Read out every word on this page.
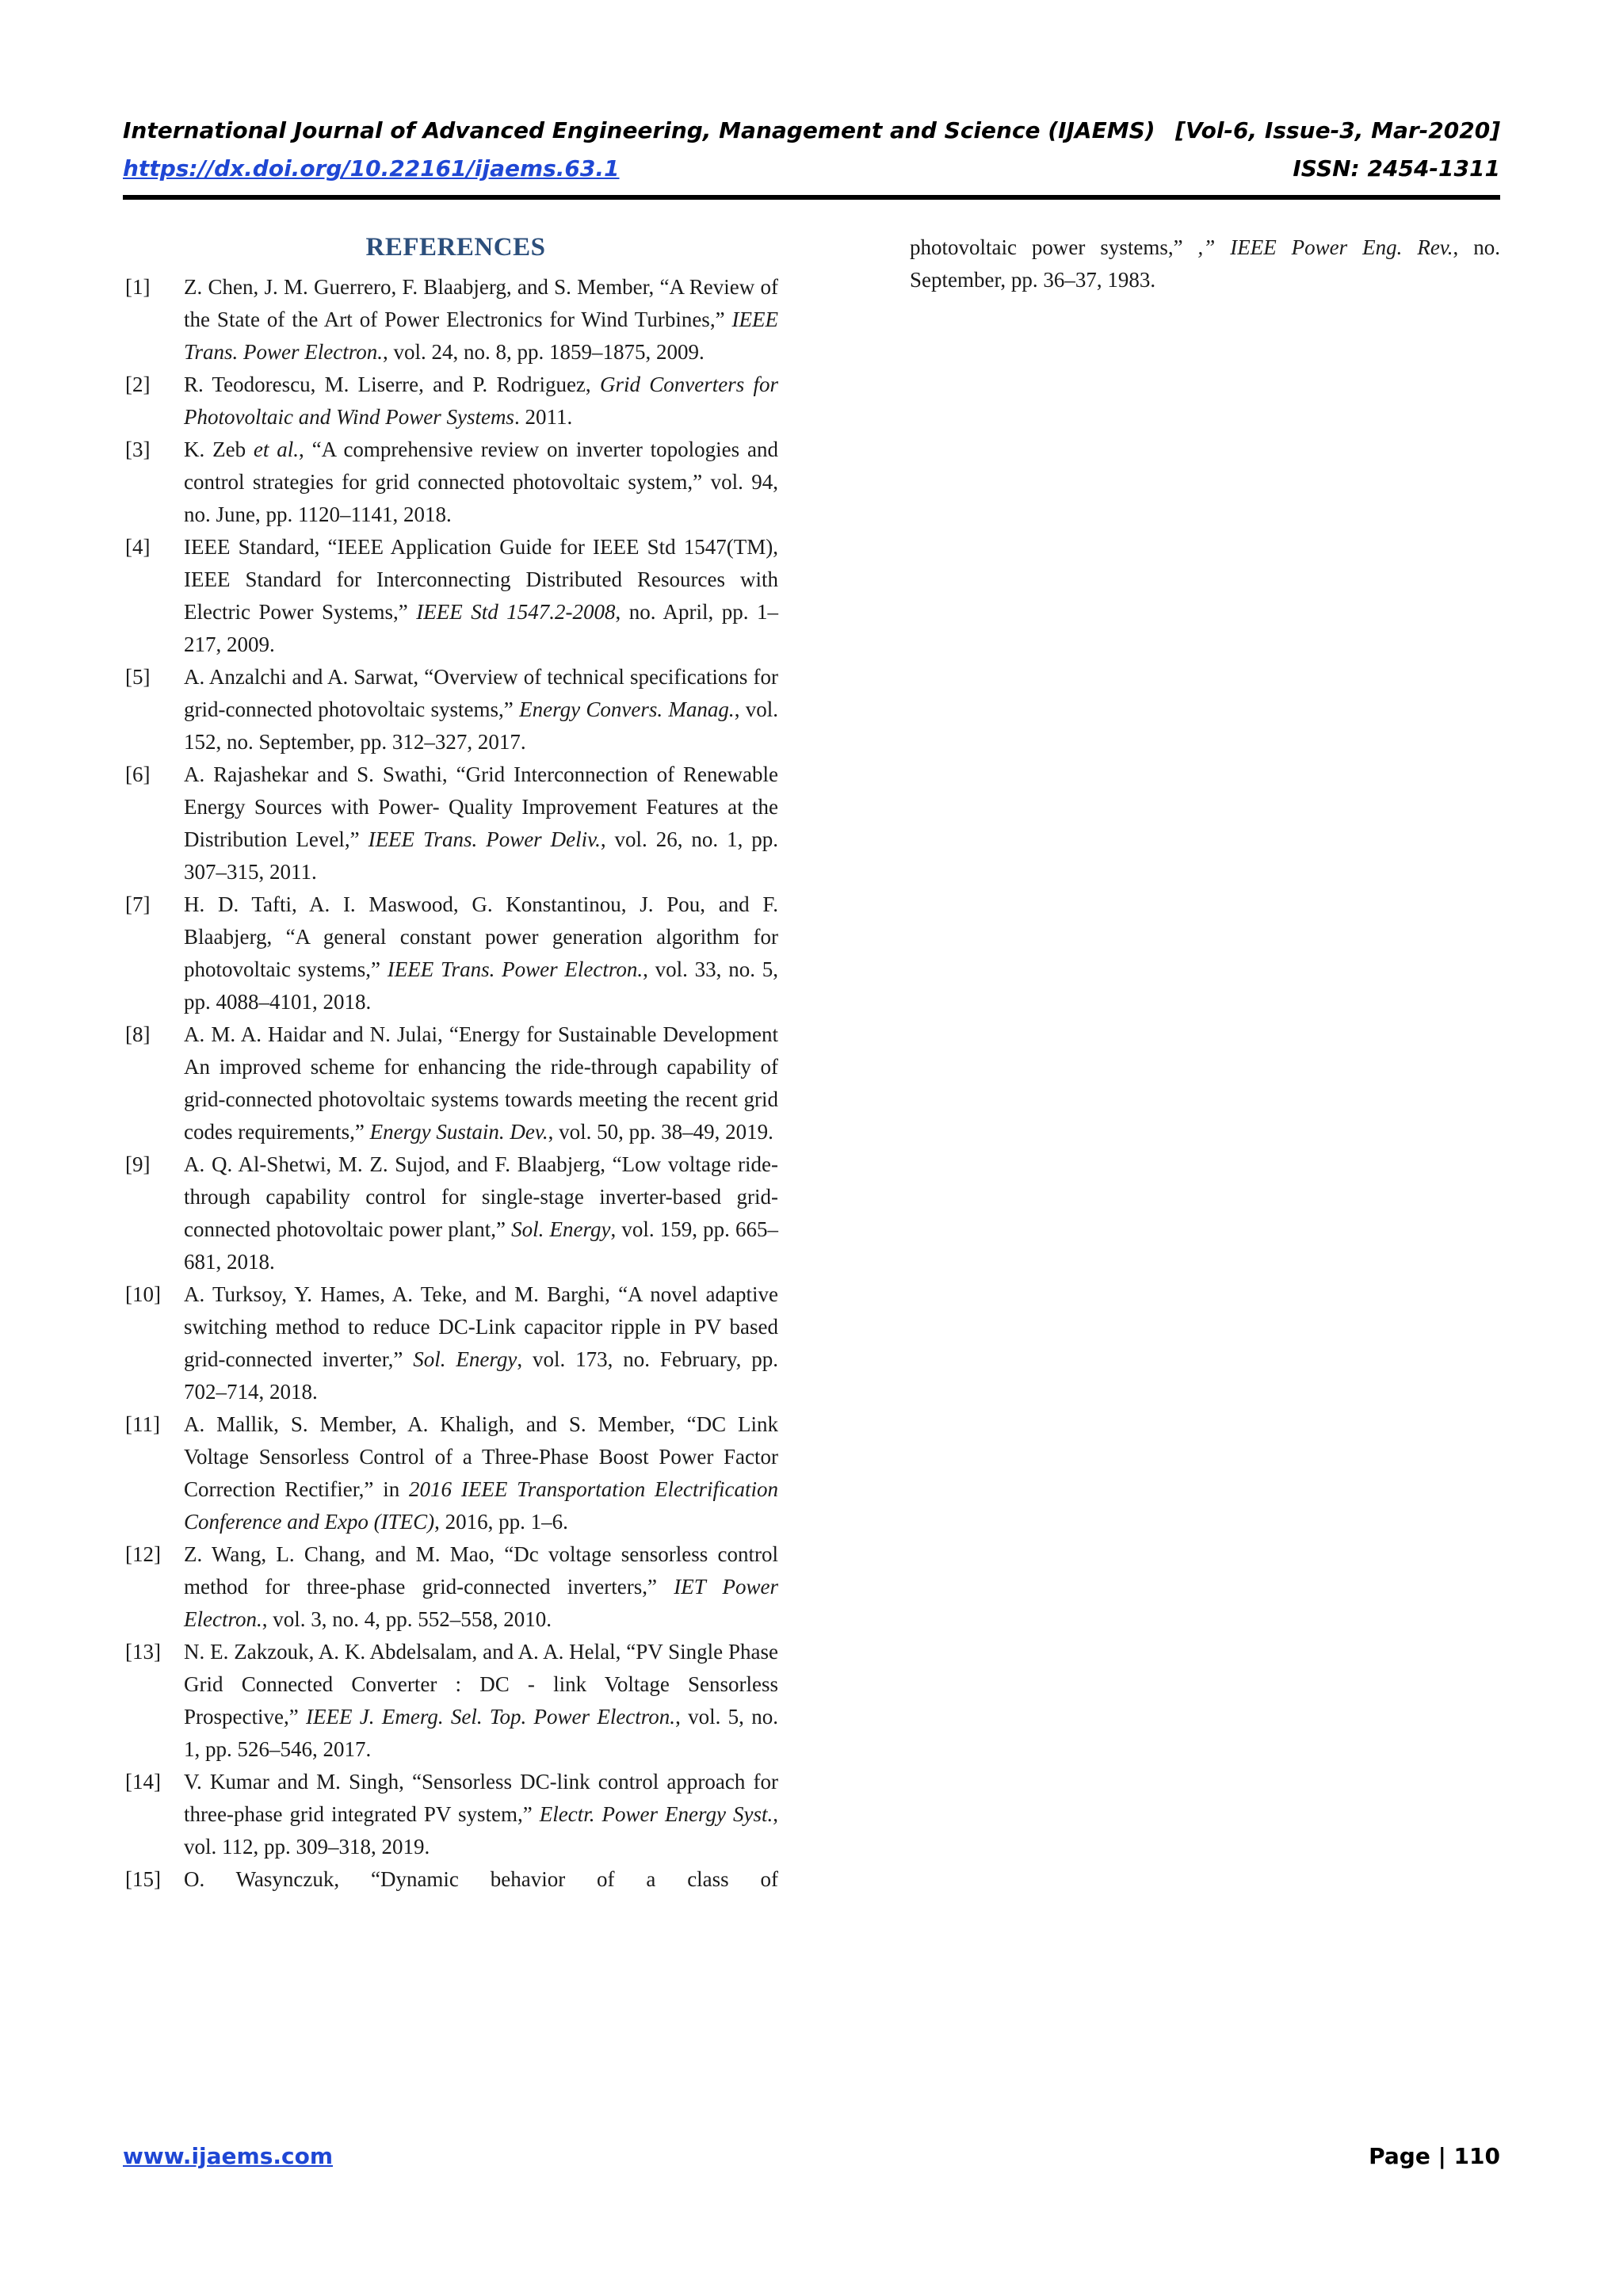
International Journal of Advanced Engineering, Management and Science (IJAEMS) [Vol-6, Issue-3, Mar-2020]
https://dx.doi.org/10.22161/ijaems.63.1	ISSN: 2454-1311
REFERENCES
[1]	Z. Chen, J. M. Guerrero, F. Blaabjerg, and S. Member, “A Review of the State of the Art of Power Electronics for Wind Turbines,” IEEE Trans. Power Electron., vol. 24, no. 8, pp. 1859–1875, 2009.
[2]	R. Teodorescu, M. Liserre, and P. Rodriguez, Grid Converters for Photovoltaic and Wind Power Systems. 2011.
[3]	K. Zeb et al., “A comprehensive review on inverter topologies and control strategies for grid connected photovoltaic system,” vol. 94, no. June, pp. 1120–1141, 2018.
[4]	IEEE Standard, “IEEE Application Guide for IEEE Std 1547(TM), IEEE Standard for Interconnecting Distributed Resources with Electric Power Systems,” IEEE Std 1547.2-2008, no. April, pp. 1–217, 2009.
[5]	A. Anzalchi and A. Sarwat, “Overview of technical specifications for grid-connected photovoltaic systems,” Energy Convers. Manag., vol. 152, no. September, pp. 312–327, 2017.
[6]	A. Rajashekar and S. Swathi, “Grid Interconnection of Renewable Energy Sources with Power- Quality Improvement Features at the Distribution Level,” IEEE Trans. Power Deliv., vol. 26, no. 1, pp. 307–315, 2011.
[7]	H. D. Tafti, A. I. Maswood, G. Konstantinou, J. Pou, and F. Blaabjerg, “A general constant power generation algorithm for photovoltaic systems,” IEEE Trans. Power Electron., vol. 33, no. 5, pp. 4088–4101, 2018.
[8]	A. M. A. Haidar and N. Julai, “Energy for Sustainable Development An improved scheme for enhancing the ride-through capability of grid-connected photovoltaic systems towards meeting the recent grid codes requirements,” Energy Sustain. Dev., vol. 50, pp. 38–49, 2019.
[9]	A. Q. Al-Shetwi, M. Z. Sujod, and F. Blaabjerg, “Low voltage ride-through capability control for single-stage inverter-based grid-connected photovoltaic power plant,” Sol. Energy, vol. 159, pp. 665–681, 2018.
[10]	A. Turksoy, Y. Hames, A. Teke, and M. Barghi, “A novel adaptive switching method to reduce DC-Link capacitor ripple in PV based grid-connected inverter,” Sol. Energy, vol. 173, no. February, pp. 702–714, 2018.
[11]	A. Mallik, S. Member, A. Khaligh, and S. Member, “DC Link Voltage Sensorless Control of a Three-Phase Boost Power Factor Correction Rectifier,” in 2016 IEEE Transportation Electrification Conference and Expo (ITEC), 2016, pp. 1–6.
[12]	Z. Wang, L. Chang, and M. Mao, “Dc voltage sensorless control method for three-phase grid-connected inverters,” IET Power Electron., vol. 3, no. 4, pp. 552–558, 2010.
[13]	N. E. Zakzouk, A. K. Abdelsalam, and A. A. Helal, “PV Single Phase Grid Connected Converter : DC - link Voltage Sensorless Prospective,” IEEE J. Emerg. Sel. Top. Power Electron., vol. 5, no. 1, pp. 526–546, 2017.
[14]	V. Kumar and M. Singh, “Sensorless DC-link control approach for three-phase grid integrated PV system,” Electr. Power Energy Syst., vol. 112, pp. 309–318, 2019.
[15]	O. Wasynczuk, “Dynamic behavior of a class of
photovoltaic power systems,” ,” IEEE Power Eng. Rev., no. September, pp. 36–37, 1983.
www.ijaems.com	Page | 110
